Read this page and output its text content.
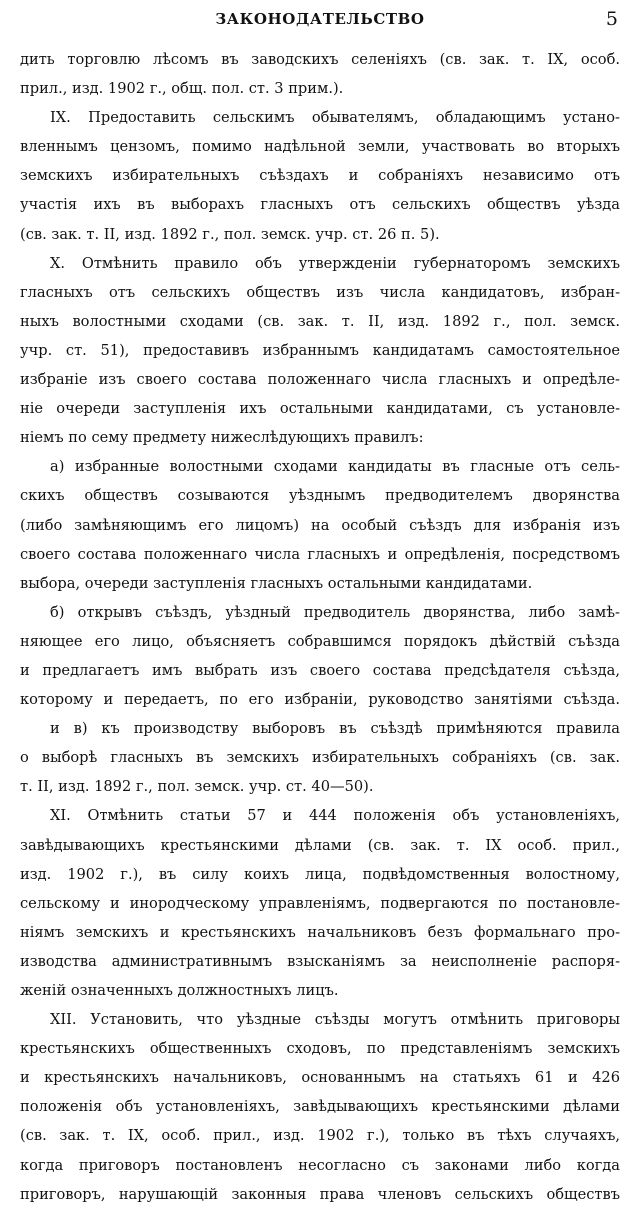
ЗАКОНОДАТЕЛЬСТВО	5
дить торговлю лѣсомъ въ заводскихъ селеніяхъ (св. зак. т. IX, особ.
прил., изд. 1902 г., общ. пол. ст. 3 прим.).
IX. Предоставить сельскимъ обывателямъ, обладающимъ устано-
вленнымъ цензомъ, помимо надѣльной земли, участвовать во вторыхъ
земскихъ избирательныхъ съѣздахъ и собраніяхъ независимо отъ
участія ихъ въ выборахъ гласныхъ отъ сельскихъ обществъ уѣзда
(св. зак. т. II, изд. 1892 г., пол. земск. учр. ст. 26 п. 5).
X. Отмѣнить правило объ утвержденіи губернаторомъ земскихъ
гласныхъ отъ сельскихъ обществъ изъ числа кандидатовъ, избран-
ныхъ волостными сходами (св. зак. т. II, изд. 1892 г., пол. земск.
учр. ст. 51), предоставивъ избраннымъ кандидатамъ самостоятельное
избраніе изъ своего состава положеннаго числа гласныхъ и опредѣле-
ніе очереди заступленія ихъ остальными кандидатами, съ установле-
ніемъ по сему предмету нижеслѣдующихъ правилъ:
а) избранные волостными сходами кандидаты въ гласные отъ сель-
скихъ обществъ созываются уѣзднымъ предводителемъ дворянства
(либо замѣняющимъ его лицомъ) на особый съѣздъ для избранія изъ
своего состава положеннаго числа гласныхъ и опредѣленія, посредствомъ
выбора, очереди заступленія гласныхъ остальными кандидатами.
б) открывъ съѣздъ, уѣздный предводитель дворянства, либо замѣ-
няющее его лицо, объясняетъ собравшимся порядокъ дѣйствій съѣзда
и предлагаетъ имъ выбрать изъ своего состава предсѣдателя съѣзда,
которому и передаетъ, по его избраніи, руководство занятіями съѣзда.
и в) къ производству выборовъ въ съѣздѣ примѣняются правила
о выборѣ гласныхъ въ земскихъ избирательныхъ собраніяхъ (св. зак.
т. II, изд. 1892 г., пол. земск. учр. ст. 40—50).
XI. Отмѣнить статьи 57 и 444 положенія объ установленіяхъ,
завѣдывающихъ крестьянскими дѣлами (св. зак. т. IX особ. прил.,
изд. 1902 г.), въ силу коихъ лица, подвѣдомственныя волостному,
сельскому и инородческому управленіямъ, подвергаются по постановле-
ніямъ земскихъ и крестьянскихъ начальниковъ безъ формальнаго про-
изводства административнымъ взысканіямъ за неисполненіе распоря-
женій означенныхъ должностныхъ лицъ.
XII. Установить, что уѣздные съѣзды могутъ отмѣнить приговоры
крестьянскихъ общественныхъ сходовъ, по представленіямъ земскихъ
и крестьянскихъ начальниковъ, основаннымъ на статьяхъ 61 и 426
положенія объ установленіяхъ, завѣдывающихъ крестьянскими дѣлами
(св. зак. т. IX, особ. прил., изд. 1902 г.), только въ тѣхъ случаяхъ,
когда приговоръ постановленъ несогласно съ законами либо когда
приговоръ, нарушающій законныя права членовъ сельскихъ обществъ
